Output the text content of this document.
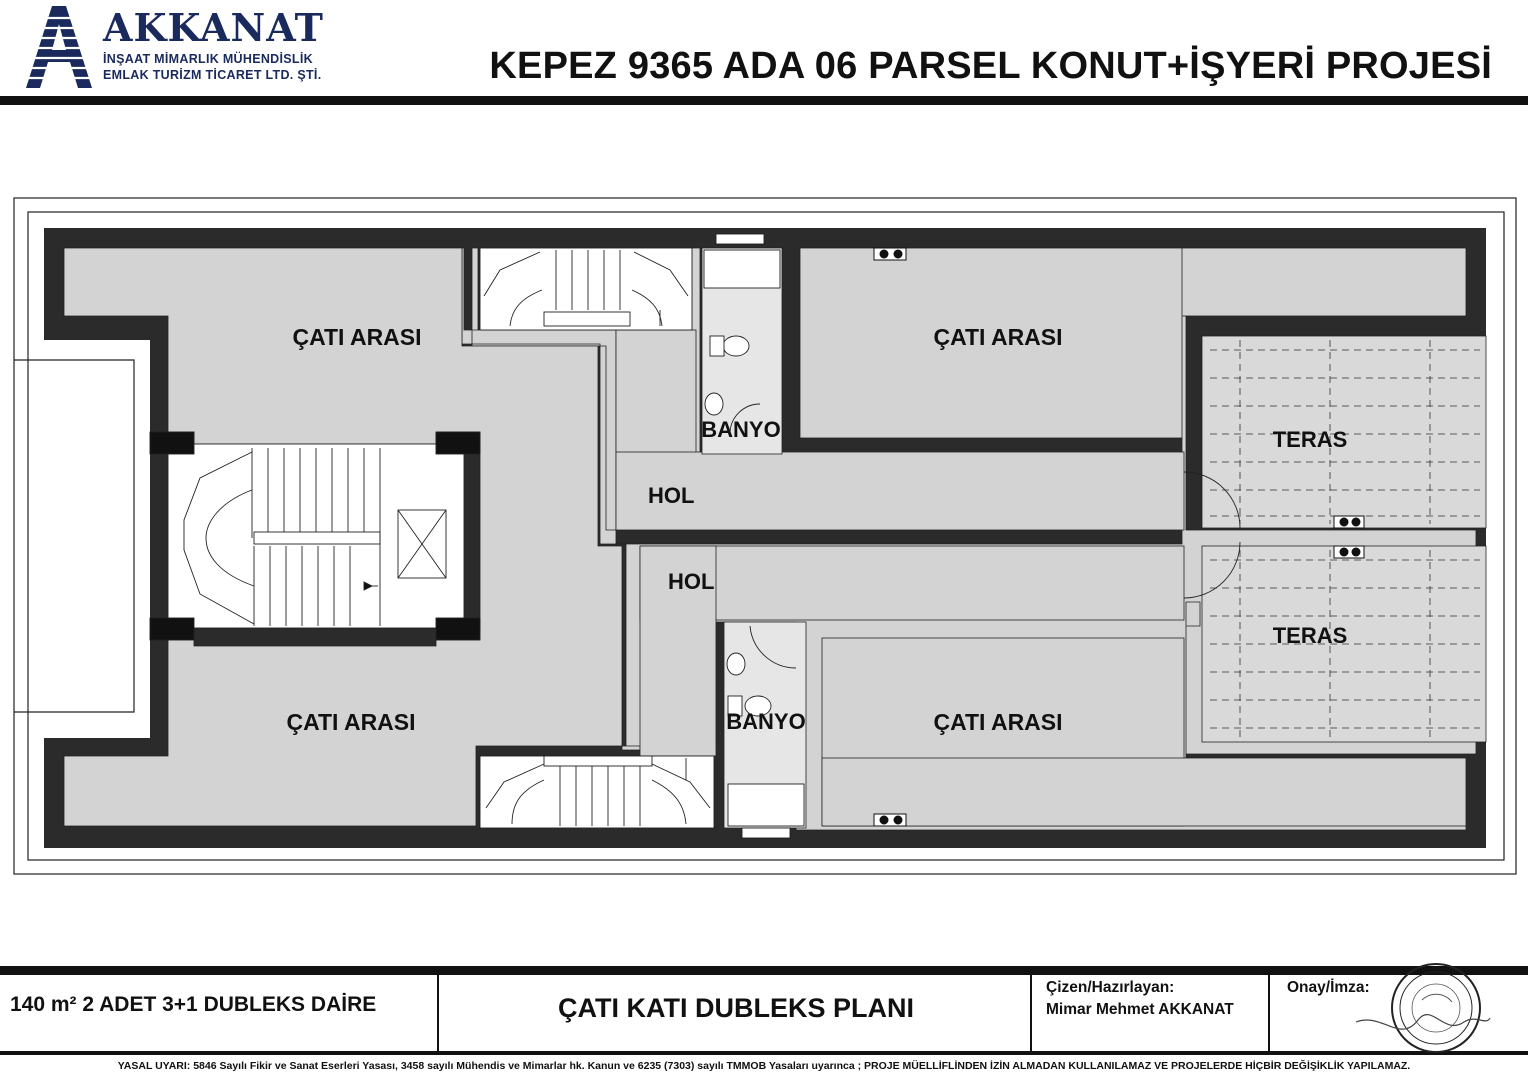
AKKANAT
İNŞAAT MİMARLIK MÜHENDİSLİK
EMLAK TURİZM TİCARET LTD. ŞTİ.	KEPEZ 9365 ADA 06 PARSEL KONUT+İŞYERİ PROJESİ
ÇATI ARASI
ÇATI ARASI
ÇATI ARASI
ÇATI ARASI
HOL
HOL
BANYO
BANYO
TERAS
TERAS
140 m² 2 ADET 3+1 DUBLEKS DAİRE	ÇATI KATI DUBLEKS PLANI
Çizen/Hazırlayan:
Mimar Mehmet AKKANAT
Onay/İmza:
YASAL UYARI: 5846 Sayılı Fikir ve Sanat Eserleri Yasası, 3458 sayılı Mühendis ve Mimarlar hk. Kanun ve 6235 (7303) sayılı TMMOB Yasaları uyarınca ; PROJE MÜELLİFLİNDEN İZİN ALMADAN KULLANILAMAZ VE PROJELERDE HİÇBİR DEĞİŞİKLİK YAPILAMAZ.
